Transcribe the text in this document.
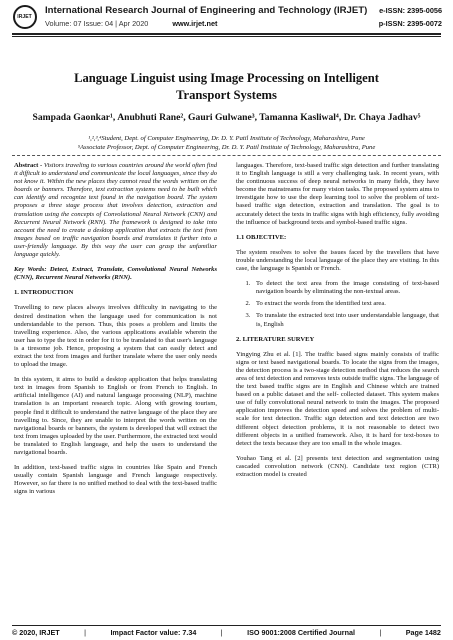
IRJET
International Research Journal of Engineering and Technology (IRJET)
Volume: 07 Issue: 04 | Apr 2020	www.irjet.net
e-ISSN: 2395-0056
p-ISSN: 2395-0072
Language Linguist using Image Processing on Intelligent
Transport Systems
Sampada Gaonkar¹, Anubhuti Rane², Gauri Gulwane³, Tamanna Kasliwal⁴, Dr. Chaya Jadhav⁵
¹,²,³,⁴Student, Dept. of Computer Engineering, Dr. D. Y. Patil Institute of Technology, Maharashtra, Pune
⁵Associate Professor, Dept. of Computer Engineering, Dr. D. Y. Patil Institute of Technology, Maharashtra, Pune

Abstract - Visitors traveling to various countries around the world often find it difficult to understand and communicate the local languages, since they do not know it. Within the new places they cannot read the words written on the boards or banners. Therefore, text extraction systems need to be built which can identify and recognize text found in the navigation board. The system proposes a three stage process that involves detection, extraction and translation using the concepts of Convolutional Neural Network (CNN) and Recurrent Neural Network (RNN). The framework is designed to take into account the need to create a desktop application that extracts the text from images based on traffic navigation boards and translates it further into a user-friendly language. By this way the user can grasp the unfamiliar language quickly.

Key Words: Detect, Extract, Translate, Convolutional Neural Networks (CNN), Recurrent Neural Networks (RNN).

1. INTRODUCTION

Travelling to new places always involves difficulty in navigating to the desired destination when the language used for communication is not understandable to the person. Thus, this poses a problem and limits the travelling experience. Also, the various applications available wherein the user has to type the text in order for it to be translated to that user's language is a tiresome job. Hence, proposing a system that can easily detect and extract the text from images and further translate where the user only needs to upload the image.

In this system, it aims to build a desktop application that helps translating text in images from Spanish to English or from French to English. In artificial intelligence (AI) and natural language processing (NLP), machine translation is an important research topic. Along with growing tourism, people find it difficult to understand the native language of the place they are travelling to. Since, they are unable to interpret the words written on the navigational boards or banners, the system is developed that will extract the text from images uploaded by the user. Furthermore, the extracted text would be translated to English language, and help the users to understand the navigational boards.

In addition, text-based traffic signs in countries like Spain and French usually contain Spanish language and French language respectively. However, so far there is no unified method to deal with the text-based traffic signs in various

languages. Therefore, text-based traffic sign detection and further translating it to English language is still a very challenging task. In recent years, with the continuous success of deep neural networks in many fields, they have become the mainstreams for many vision tasks. The proposed system aims to investigate how to use the deep learning tool to solve the problem of text-based traffic sign detection, extraction and translation. The goal is to accurately detect the texts in traffic signs with high efficiency, fully avoiding the influence of background texts and symbol-based traffic signs.

1.1 OBJECTIVE:

The system resolves to solve the issues faced by the travellers that have trouble understanding the local language of the place they are visiting. In this case, the language is Spanish or French.

1. To detect the text area from the image consisting of text-based navigation boards by eliminating the non-textual areas.
2. To extract the words from the identified text area.
3. To translate the extracted text into user understandable language, that is, English
2. LITERATURE SURVEY

Yingying Zhu et al. [1]. The traffic based signs mainly consists of traffic signs or text based navigational boards. To locate the signs from the images, the detection process is a two-stage detection method that reduces the search area of text detection and removes texts outside traffic signs. The language of the text based traffic signs are in English and Chinese which are trained based on a public dataset and the self- collected dataset. This system makes use of fully convolutional neural network to train the images. The proposed application improves the detection speed and solves the problem of multi-scale for text detection. Traffic sign detection and text detection are two different object detection problems, it is not reasonable to detect two different objects in a unified framework. Also, it is hard for text-boxes to detect the texts because they are too small in the whole images.

Youhao Tang et al. [2] presents text detection and segmentation using cascaded convolution network (CNN). Candidate text region (CTR) extraction model is created

© 2020, IRJET	|	Impact Factor value: 7.34	|	ISO 9001:2008 Certified Journal	|	Page 1482
